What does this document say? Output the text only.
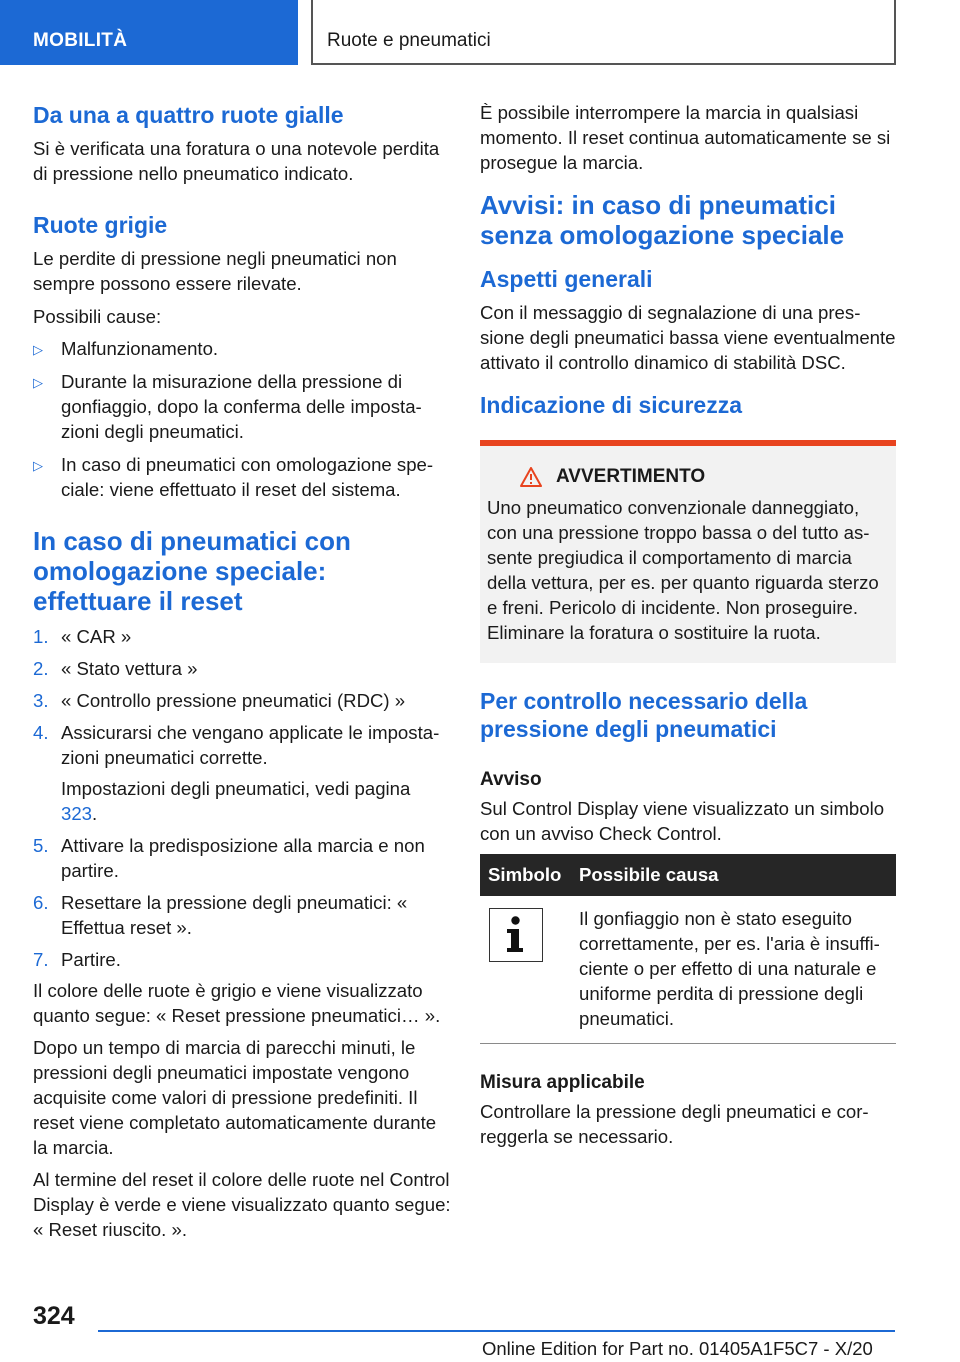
MOBILITÀ	Ruote e pneumatici
Da una a quattro ruote gialle

Si è verificata una foratura o una notevole perdita di pressione nello pneumatico indicato.

Ruote grigie

Le perdite di pressione negli pneumatici non sempre possono essere rilevate.

Possibili cause:

▷ Malfunzionamento.
▷ Durante la misurazione della pressione di gonfiaggio, dopo la conferma delle impostazioni degli pneumatici.
▷ In caso di pneumatici con omologazione speciale: viene effettuato il reset del sistema.
In caso di pneumatici con omologazione speciale: effettuare il reset
1. « CAR »
2. « Stato vettura »
3. « Controllo pressione pneumatici (RDC) »
4. Assicurarsi che vengano applicate le impostazioni pneumatici corrette.
Impostazioni degli pneumatici, vedi pagina 323.
5. Attivare la predisposizione alla marcia e non partire.
6. Resettare la pressione degli pneumatici: « Effettua reset ».
7. Partire.

Il colore delle ruote è grigio e viene visualizzato quanto segue: « Reset pressione pneumatici… ».

Dopo un tempo di marcia di parecchi minuti, le pressioni degli pneumatici impostate vengono acquisite come valori di pressione predefiniti. Il reset viene completato automaticamente durante la marcia.

Al termine del reset il colore delle ruote nel Control Display è verde e viene visualizzato quanto segue: « Reset riuscito. ».

È possibile interrompere la marcia in qualsiasi momento. Il reset continua automaticamente se si prosegue la marcia.

Avvisi: in caso di pneumatici senza omologazione speciale
Aspetti generali

Con il messaggio di segnalazione di una pressione degli pneumatici bassa viene eventualmente attivato il controllo dinamico di stabilità DSC.

Indicazione di sicurezza
AVVERTIMENTO

Uno pneumatico convenzionale danneggiato, con una pressione troppo bassa o del tutto assente pregiudica il comportamento di marcia della vettura, per es. per quanto riguarda sterzo e freni. Pericolo di incidente. Non proseguire. Eliminare la foratura o sostituire la ruota.

Per controllo necessario della pressione degli pneumatici
Avviso

Sul Control Display viene visualizzato un simbolo con un avviso Check Control.

Simbolo	Possibile causa

	Il gonfiaggio non è stato eseguito correttamente, per es. l'aria è insufficiente o per effetto di una naturale e uniforme perdita di pressione degli pneumatici.
Misura applicabile

Controllare la pressione degli pneumatici e correggerla se necessario.

324
Online Edition for Part no. 01405A1F5C7 - X/20
